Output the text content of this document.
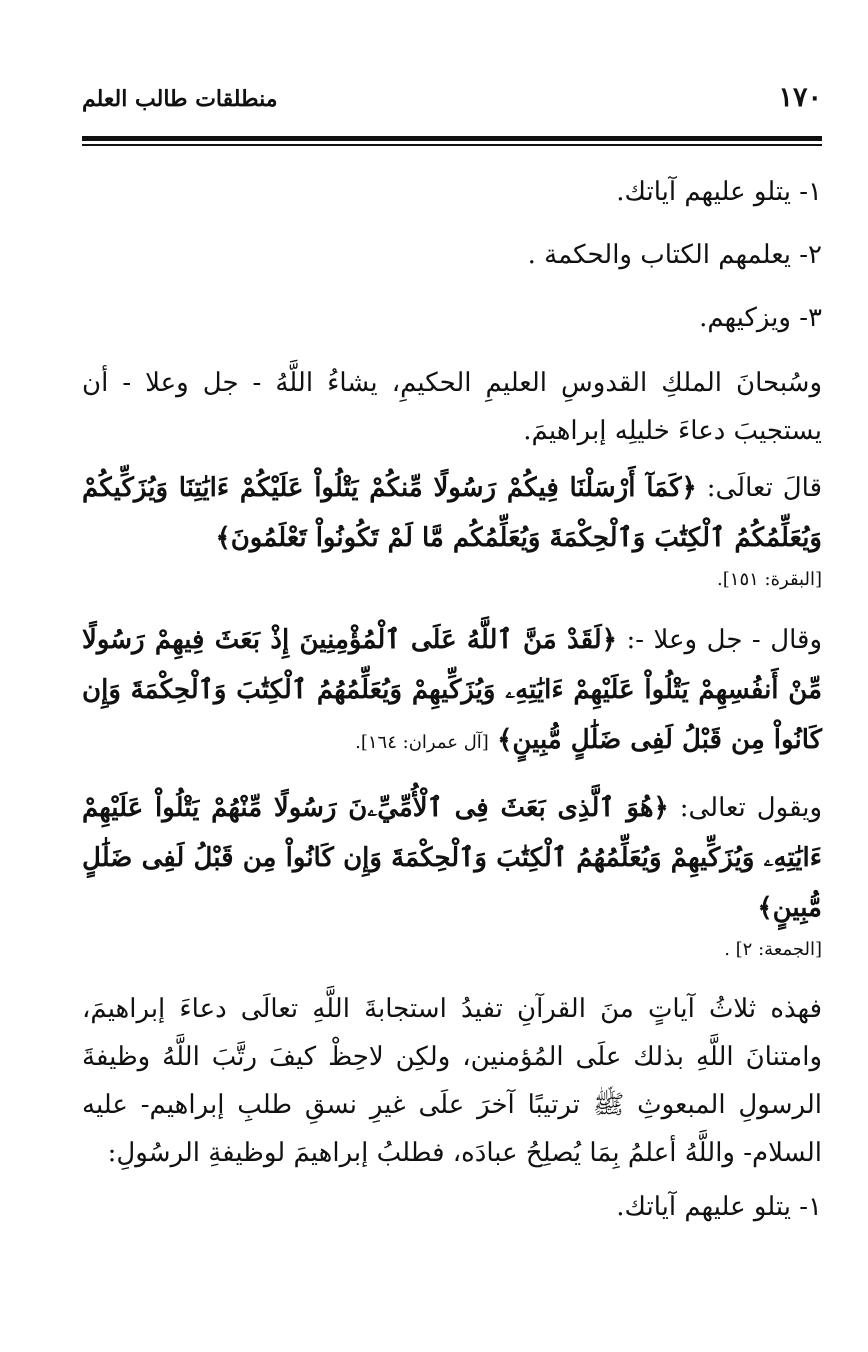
١٧٠
منطلقات طالب العلم

١- يتلو عليهم آياتك.

٢- يعلمهم الكتاب والحكمة .

٣- ويزكيهم.

وسُبحانَ الملكِ القدوسِ العليمِ الحكيمِ، يشاءُ اللَّهُ - جل وعلا - أن يستجيبَ دعاءَ خليلِه إبراهيمَ.

قالَ تعالَى: ﴿كَمَآ أَرْسَلْنَا فِيكُمْ رَسُولًا مِّنكُمْ يَتْلُواْ عَلَيْكُمْ ءَايَٰتِنَا وَيُزَكِّيكُمْ وَيُعَلِّمُكُمُ ٱلْكِتَٰبَ وَٱلْحِكْمَةَ وَيُعَلِّمُكُم مَّا لَمْ تَكُونُواْ تَعْلَمُونَ﴾

[البقرة: ١٥١].

وقال - جل وعلا -: ﴿لَقَدْ مَنَّ ٱللَّهُ عَلَى ٱلْمُؤْمِنِينَ إِذْ بَعَثَ فِيهِمْ رَسُولًا مِّنْ أَنفُسِهِمْ يَتْلُواْ عَلَيْهِمْ ءَايَٰتِهِۦ وَيُزَكِّيهِمْ وَيُعَلِّمُهُمُ ٱلْكِتَٰبَ وَٱلْحِكْمَةَ وَإِن كَانُواْ مِن قَبْلُ لَفِى ضَلَٰلٍ مُّبِينٍ﴾ [آل عمران: ١٦٤].

ويقول تعالى: ﴿هُوَ ٱلَّذِى بَعَثَ فِى ٱلْأُمِّيِّۦنَ رَسُولًا مِّنْهُمْ يَتْلُواْ عَلَيْهِمْ ءَايَٰتِهِۦ وَيُزَكِّيهِمْ وَيُعَلِّمُهُمُ ٱلْكِتَٰبَ وَٱلْحِكْمَةَ وَإِن كَانُواْ مِن قَبْلُ لَفِى ضَلَٰلٍ مُّبِينٍ﴾

[الجمعة: ٢] .

فهذه ثلاثُ آياتٍ منَ القرآنِ تفيدُ استجابةَ اللَّهِ تعالَى دعاءَ إبراهيمَ، وامتنانَ اللَّهِ بذلك علَى المُؤمنين، ولكِن لاحِظْ كيفَ رتَّبَ اللَّهُ وظيفةَ الرسولِ المبعوثِ ﷺ ترتيبًا آخرَ علَى غيرِ نسقِ طلبِ إبراهيم- عليه السلام- واللَّهُ أعلمُ بِمَا يُصلِحُ عبادَه، فطلبُ إبراهيمَ لوظيفةِ الرسُولِ:

١- يتلو عليهم آياتك.
